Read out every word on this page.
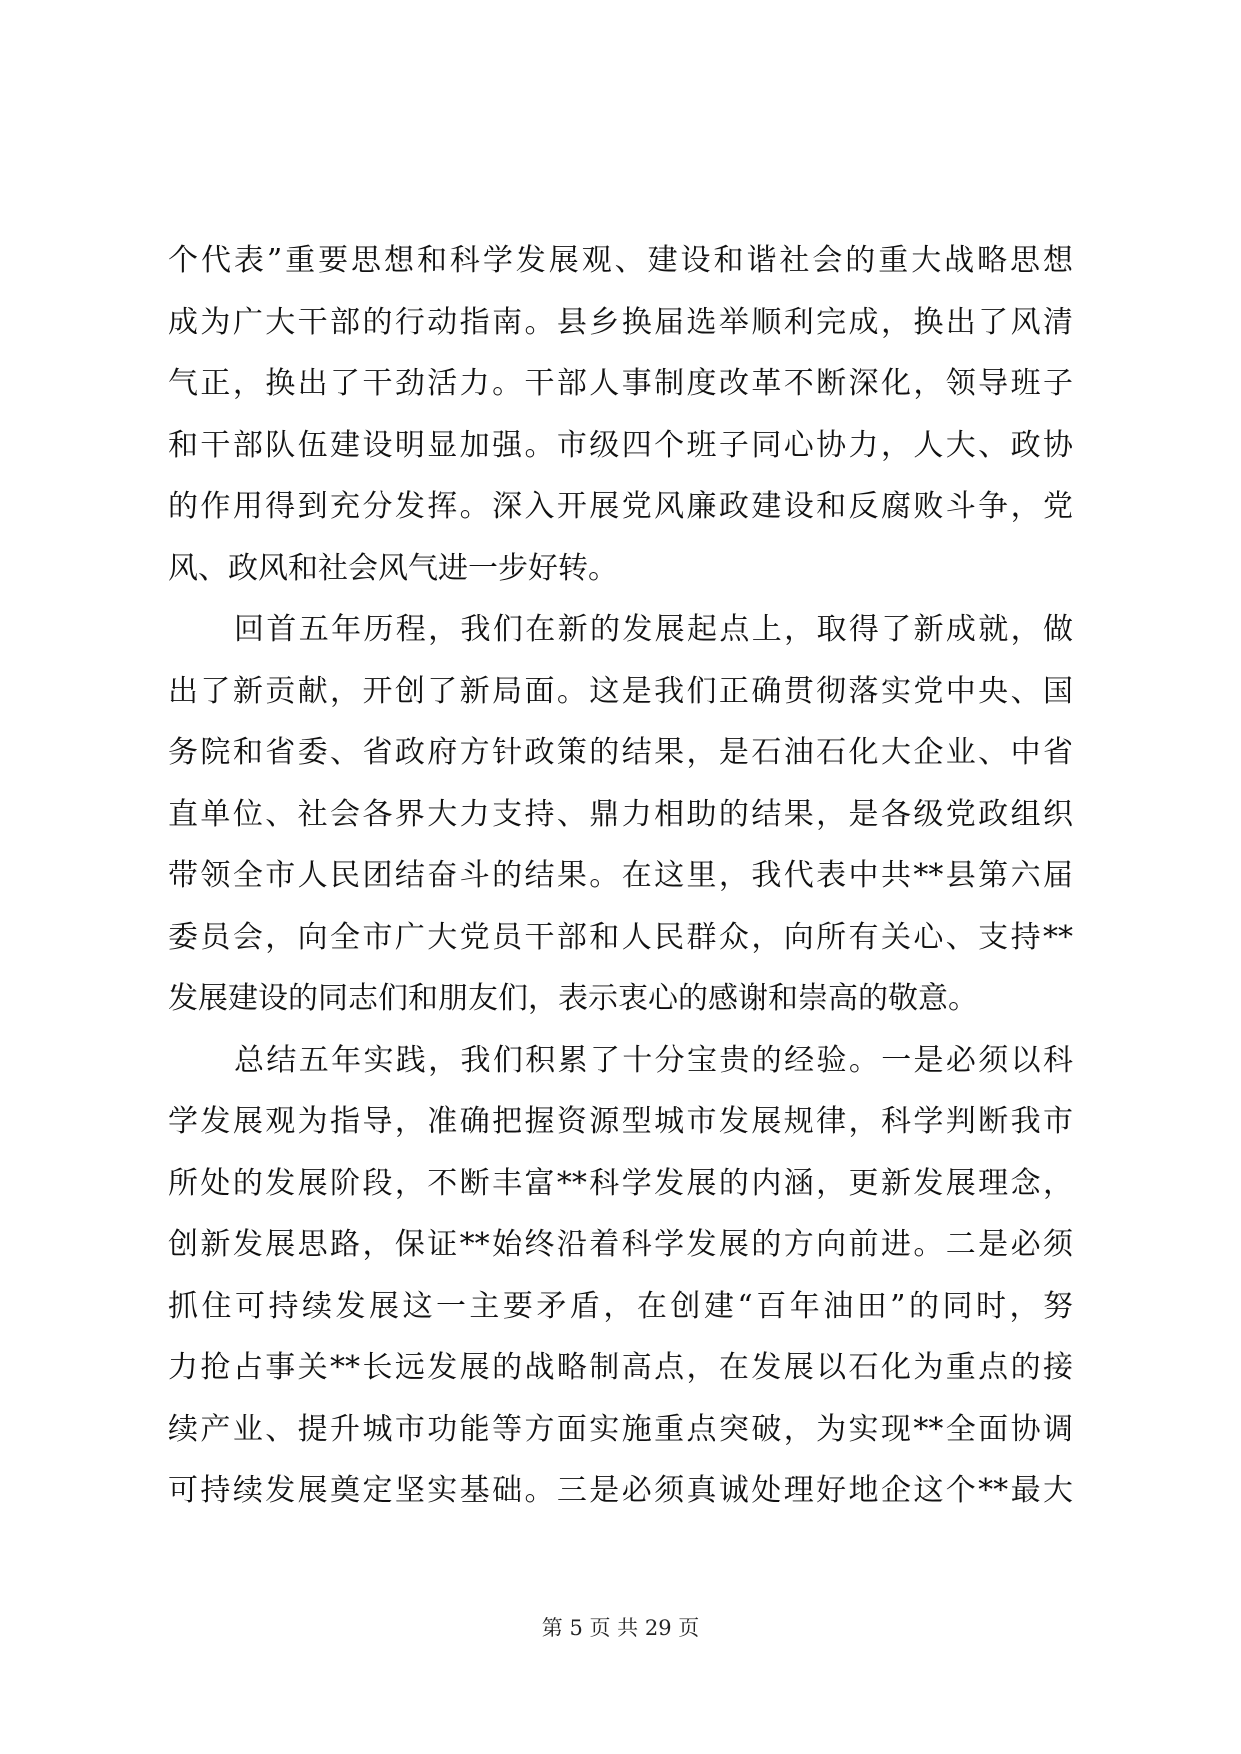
个代表”重要思想和科学发展观、建设和谐社会的重大战略思想
成为广大干部的行动指南。县乡换届选举顺利完成，换出了风清
气正，换出了干劲活力。干部人事制度改革不断深化，领导班子
和干部队伍建设明显加强。市级四个班子同心协力，人大、政协
的作用得到充分发挥。深入开展党风廉政建设和反腐败斗争，党
风、政风和社会风气进一步好转。
回首五年历程，我们在新的发展起点上，取得了新成就，做
出了新贡献，开创了新局面。这是我们正确贯彻落实党中央、国
务院和省委、省政府方针政策的结果，是石油石化大企业、中省
直单位、社会各界大力支持、鼎力相助的结果，是各级党政组织
带领全市人民团结奋斗的结果。在这里，我代表中共**县第六届
委员会，向全市广大党员干部和人民群众，向所有关心、支持**
发展建设的同志们和朋友们，表示衷心的感谢和崇高的敬意。
总结五年实践，我们积累了十分宝贵的经验。一是必须以科
学发展观为指导，准确把握资源型城市发展规律，科学判断我市
所处的发展阶段，不断丰富**科学发展的内涵，更新发展理念，
创新发展思路，保证**始终沿着科学发展的方向前进。二是必须
抓住可持续发展这一主要矛盾，在创建“百年油田”的同时，努
力抢占事关**长远发展的战略制高点，在发展以石化为重点的接
续产业、提升城市功能等方面实施重点突破，为实现**全面协调
可持续发展奠定坚实基础。三是必须真诚处理好地企这个**最大
第 5 页 共 29 页
